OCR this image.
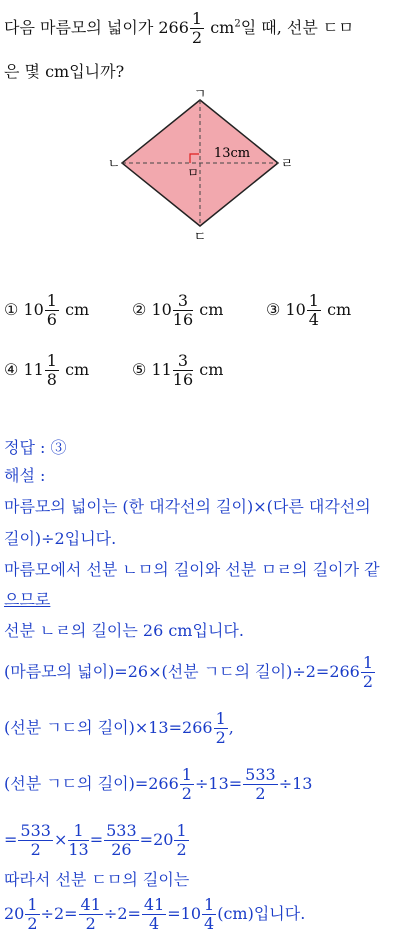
다음 마름모의 넓이가 $266 \frac{1}{2} cm^2$일 때, 선분 ㄷㅁ
은 몇 cm입니까?
ㄱ
ㄴ	ㄹ
ㄷ
ㅁ
13cm
① $10 \frac{1}{6}$ cm	② $10 \frac{3}{16}$ cm	③ $10 \frac{1}{4}$ cm
④ $11 \frac{1}{8}$ cm	⑤ $11 \frac{3}{16}$ cm
정답 : ③
해설 :
마름모의 넓이는 (한 대각선의 길이)×(다른 대각선의
길이)÷2입니다.
마름모에서 선분 ㄴㅁ의 길이와 선분 ㅁㄹ의 길이가 같
으므로
선분 ㄴㄹ의 길이는 26 cm입니다.
(마름모의 넓이)=26×(선분 ㄱㄷ의 길이)$\div 2=266 \frac{1}{2}$
(선분 ㄱㄷ의 길이)$\times 13=266 \frac{1}{2}$ ,
(선분 ㄱㄷ의 길이)$=266 \frac{1}{2} \div 13= \frac{533}{2} \div 13$
= $\frac{533}{2} \times \frac{1}{13} = \frac{533}{26} =20 \frac{1}{2}$
따라서 선분 ㄷㅁ의 길이는
$20 \frac{1}{2} \div 2= \frac{41}{2} \div 2= \frac{41}{4} =10 \frac{1}{4} (cm)$입니다.
